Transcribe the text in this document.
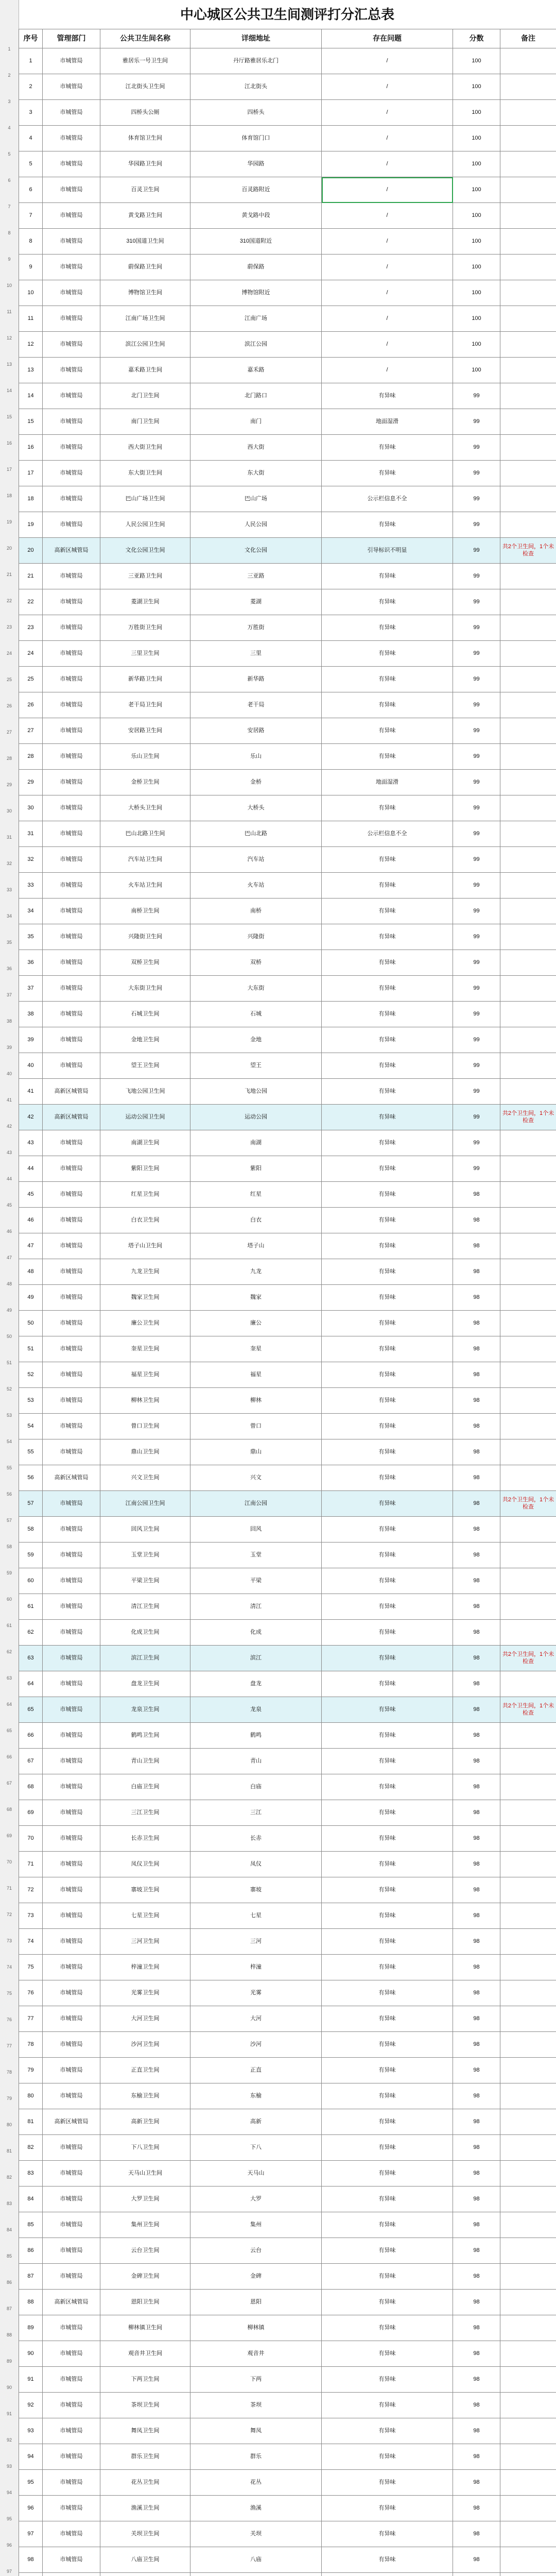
1
2
3
4
5
6
7
8
9
10
11
12
13
14
15
16
17
18
19
20
21
22
23
24
25
26
27
28
29
30
31
32
33
34
35
36
37
38
39
40
41
42
43
44
45
46
47
48
49
50
51
52
53
54
55
56
57
58
59
60
61
62
63
64
65
66
67
68
69
70
71
72
73
74
75
76
77
78
79
80
81
82
83
84
85
86
87
88
89
90
91
92
93
94
95
96
97
中心城区公共卫生间测评打分汇总表
序号	管理部门	公共卫生间名称	详细地址	存在问题	分数	备注
1	市城管局	雅居乐一号卫生间	丹厅路雅居乐北门	/	100	
2	市城管局	江北街头卫生间	江北街头	/	100	
3	市城管局	四桥头公厕	四桥头	/	100	
4	市城管局	体育馆卫生间	体育馆门口	/	100	
5	市城管局	华园路卫生间	华园路	/	100	
6	市城管局	百灵卫生间	百灵路附近	/	100	
7	市城管局	黄戈路卫生间	黄戈路中段	/	100	
8	市城管局	310国道卫生间	310国道附近	/	100	
9	市城管局	蔚保路卫生间	蔚保路	/	100	
10	市城管局	博物馆卫生间	博物馆附近	/	100	
11	市城管局	江南广场卫生间	江南广场	/	100	
12	市城管局	滨江公园卫生间	滨江公园	/	100	
13	市城管局	嘉禾路卫生间	嘉禾路	/	100	
14	市城管局	北门卫生间	北门路口	有异味	99	
15	市城管局	南门卫生间	南门	地面湿滑	99	
16	市城管局	西大街卫生间	西大街	有异味	99	
17	市城管局	东大街卫生间	东大街	有异味	99	
18	市城管局	巴山广场卫生间	巴山广场	公示栏信息不全	99	
19	市城管局	人民公园卫生间	人民公园	有异味	99	
20	高新区城管局	文化公园卫生间	文化公园	引导标识不明显	99	共2个卫生间，1个未检查
21	市城管局	三亚路卫生间	三亚路	有异味	99	
22	市城管局	菱湖卫生间	菱湖	有异味	99	
23	市城管局	万胜街卫生间	万胜街	有异味	99	
24	市城管局	三里卫生间	三里	有异味	99	
25	市城管局	新华路卫生间	新华路	有异味	99	
26	市城管局	老干局卫生间	老干局	有异味	99	
27	市城管局	安居路卫生间	安居路	有异味	99	
28	市城管局	乐山卫生间	乐山	有异味	99	
29	市城管局	金桥卫生间	金桥	地面湿滑	99	
30	市城管局	大桥头卫生间	大桥头	有异味	99	
31	市城管局	巴山北路卫生间	巴山北路	公示栏信息不全	99	
32	市城管局	汽车站卫生间	汽车站	有异味	99	
33	市城管局	火车站卫生间	火车站	有异味	99	
34	市城管局	南桥卫生间	南桥	有异味	99	
35	市城管局	兴隆街卫生间	兴隆街	有异味	99	
36	市城管局	双桥卫生间	双桥	有异味	99	
37	市城管局	大东街卫生间	大东街	有异味	99	
38	市城管局	石城卫生间	石城	有异味	99	
39	市城管局	金地卫生间	金地	有异味	99	
40	市城管局	望王卫生间	望王	有异味	99	
41	高新区城管局	飞地公园卫生间	飞地公园	有异味	99	
42	高新区城管局	运动公园卫生间	运动公园	有异味	99	共2个卫生间，1个未检查
43	市城管局	南湖卫生间	南湖	有异味	99	
44	市城管局	紫阳卫生间	紫阳	有异味	99	
45	市城管局	红星卫生间	红星	有异味	98	
46	市城管局	白衣卫生间	白衣	有异味	98	
47	市城管局	塔子山卫生间	塔子山	有异味	98	
48	市城管局	九龙卫生间	九龙	有异味	98	
49	市城管局	魏家卫生间	魏家	有异味	98	
50	市城管局	廉公卫生间	廉公	有异味	98	
51	市城管局	奎星卫生间	奎星	有异味	98	
52	市城管局	福星卫生间	福星	有异味	98	
53	市城管局	柳林卫生间	柳林	有异味	98	
54	市城管局	曾口卫生间	曾口	有异味	98	
55	市城管局	鼎山卫生间	鼎山	有异味	98	
56	高新区城管局	兴文卫生间	兴文	有异味	98	
57	市城管局	江南公园卫生间	江南公园	有异味	98	共2个卫生间，1个未检查
58	市城管局	回风卫生间	回风	有异味	98	
59	市城管局	玉堂卫生间	玉堂	有异味	98	
60	市城管局	平梁卫生间	平梁	有异味	98	
61	市城管局	清江卫生间	清江	有异味	98	
62	市城管局	化成卫生间	化成	有异味	98	
63	市城管局	滨江卫生间	滨江	有异味	98	共2个卫生间，1个未检查
64	市城管局	盘龙卫生间	盘龙	有异味	98	
65	市城管局	龙泉卫生间	龙泉	有异味	98	共2个卫生间，1个未检查
66	市城管局	鹤鸣卫生间	鹤鸣	有异味	98	
67	市城管局	青山卫生间	青山	有异味	98	
68	市城管局	白庙卫生间	白庙	有异味	98	
69	市城管局	三江卫生间	三江	有异味	98	
70	市城管局	长赤卫生间	长赤	有异味	98	
71	市城管局	凤仪卫生间	凤仪	有异味	98	
72	市城管局	寨坡卫生间	寨坡	有异味	98	
73	市城管局	七星卫生间	七星	有异味	98	
74	市城管局	三河卫生间	三河	有异味	98	
75	市城管局	梓潼卫生间	梓潼	有异味	98	
76	市城管局	光雾卫生间	光雾	有异味	98	
77	市城管局	大河卫生间	大河	有异味	98	
78	市城管局	沙河卫生间	沙河	有异味	98	
79	市城管局	正直卫生间	正直	有异味	98	
80	市城管局	东榆卫生间	东榆	有异味	98	
81	高新区城管局	高新卫生间	高新	有异味	98	
82	市城管局	下八卫生间	下八	有异味	98	
83	市城管局	天马山卫生间	天马山	有异味	98	
84	市城管局	大罗卫生间	大罗	有异味	98	
85	市城管局	集州卫生间	集州	有异味	98	
86	市城管局	云台卫生间	云台	有异味	98	
87	市城管局	金碑卫生间	金碑	有异味	98	
88	高新区城管局	恩阳卫生间	恩阳	有异味	98	
89	市城管局	柳林镇卫生间	柳林镇	有异味	98	
90	市城管局	观音井卫生间	观音井	有异味	98	
91	市城管局	下两卫生间	下两	有异味	98	
92	市城管局	茶坝卫生间	茶坝	有异味	98	
93	市城管局	舞凤卫生间	舞凤	有异味	98	
94	市城管局	群乐卫生间	群乐	有异味	98	
95	市城管局	花丛卫生间	花丛	有异味	98	
96	市城管局	渔溪卫生间	渔溪	有异味	98	
97	市城管局	关坝卫生间	关坝	有异味	98	
98	市城管局	八庙卫生间	八庙	有异味	98	
